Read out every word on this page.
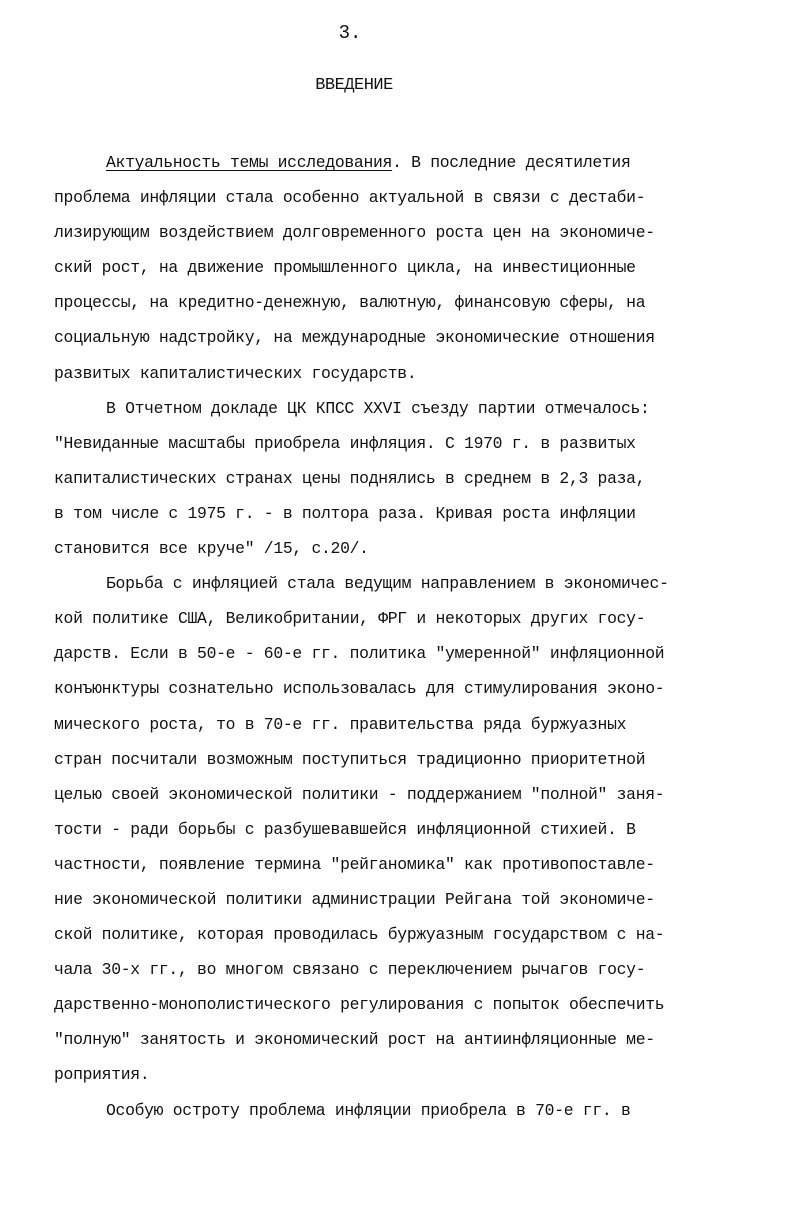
3.
ВВЕДЕНИЕ
Актуальность темы исследования. В последние десятилетия
проблема инфляции стала особенно актуальной в связи с дестаби-
лизирующим воздействием долговременного роста цен на экономиче-
ский рост, на движение промышленного цикла, на инвестиционные
процессы, на кредитно-денежную, валютную, финансовую сферы, на
социальную надстройку, на международные экономические отношения
развитых капиталистических государств.
В Отчетном докладе ЦК КПСС XXVI съезду партии отмечалось:
"Невиданные масштабы приобрела инфляция. С 1970 г. в развитых
капиталистических странах цены поднялись в среднем в 2,3 раза,
в том числе с 1975 г. - в полтора раза. Кривая роста инфляции
становится все круче" /15, с.20/.
Борьба с инфляцией стала ведущим направлением в экономичес-
кой политике США, Великобритании, ФРГ и некоторых других госу-
дарств. Если в 50-е - 60-е гг. политика "умеренной" инфляционной
конъюнктуры сознательно использовалась для стимулирования эконо-
мического роста, то в 70-е гг. правительства ряда буржуазных
стран посчитали возможным поступиться традиционно приоритетной
целью своей экономической политики - поддержанием "полной" заня-
тости - ради борьбы с разбушевавшейся инфляционной стихией. В
частности, появление термина "рейганомика" как противопоставле-
ние экономической политики администрации Рейгана той экономиче-
ской политике, которая проводилась буржуазным государством с на-
чала 30-х гг., во многом связано с переключением рычагов госу-
дарственно-монополистического регулирования с попыток обеспечить
"полную" занятость и экономический рост на антиинфляционные ме-
роприятия.
Особую остроту проблема инфляции приобрела в 70-е гг. в
